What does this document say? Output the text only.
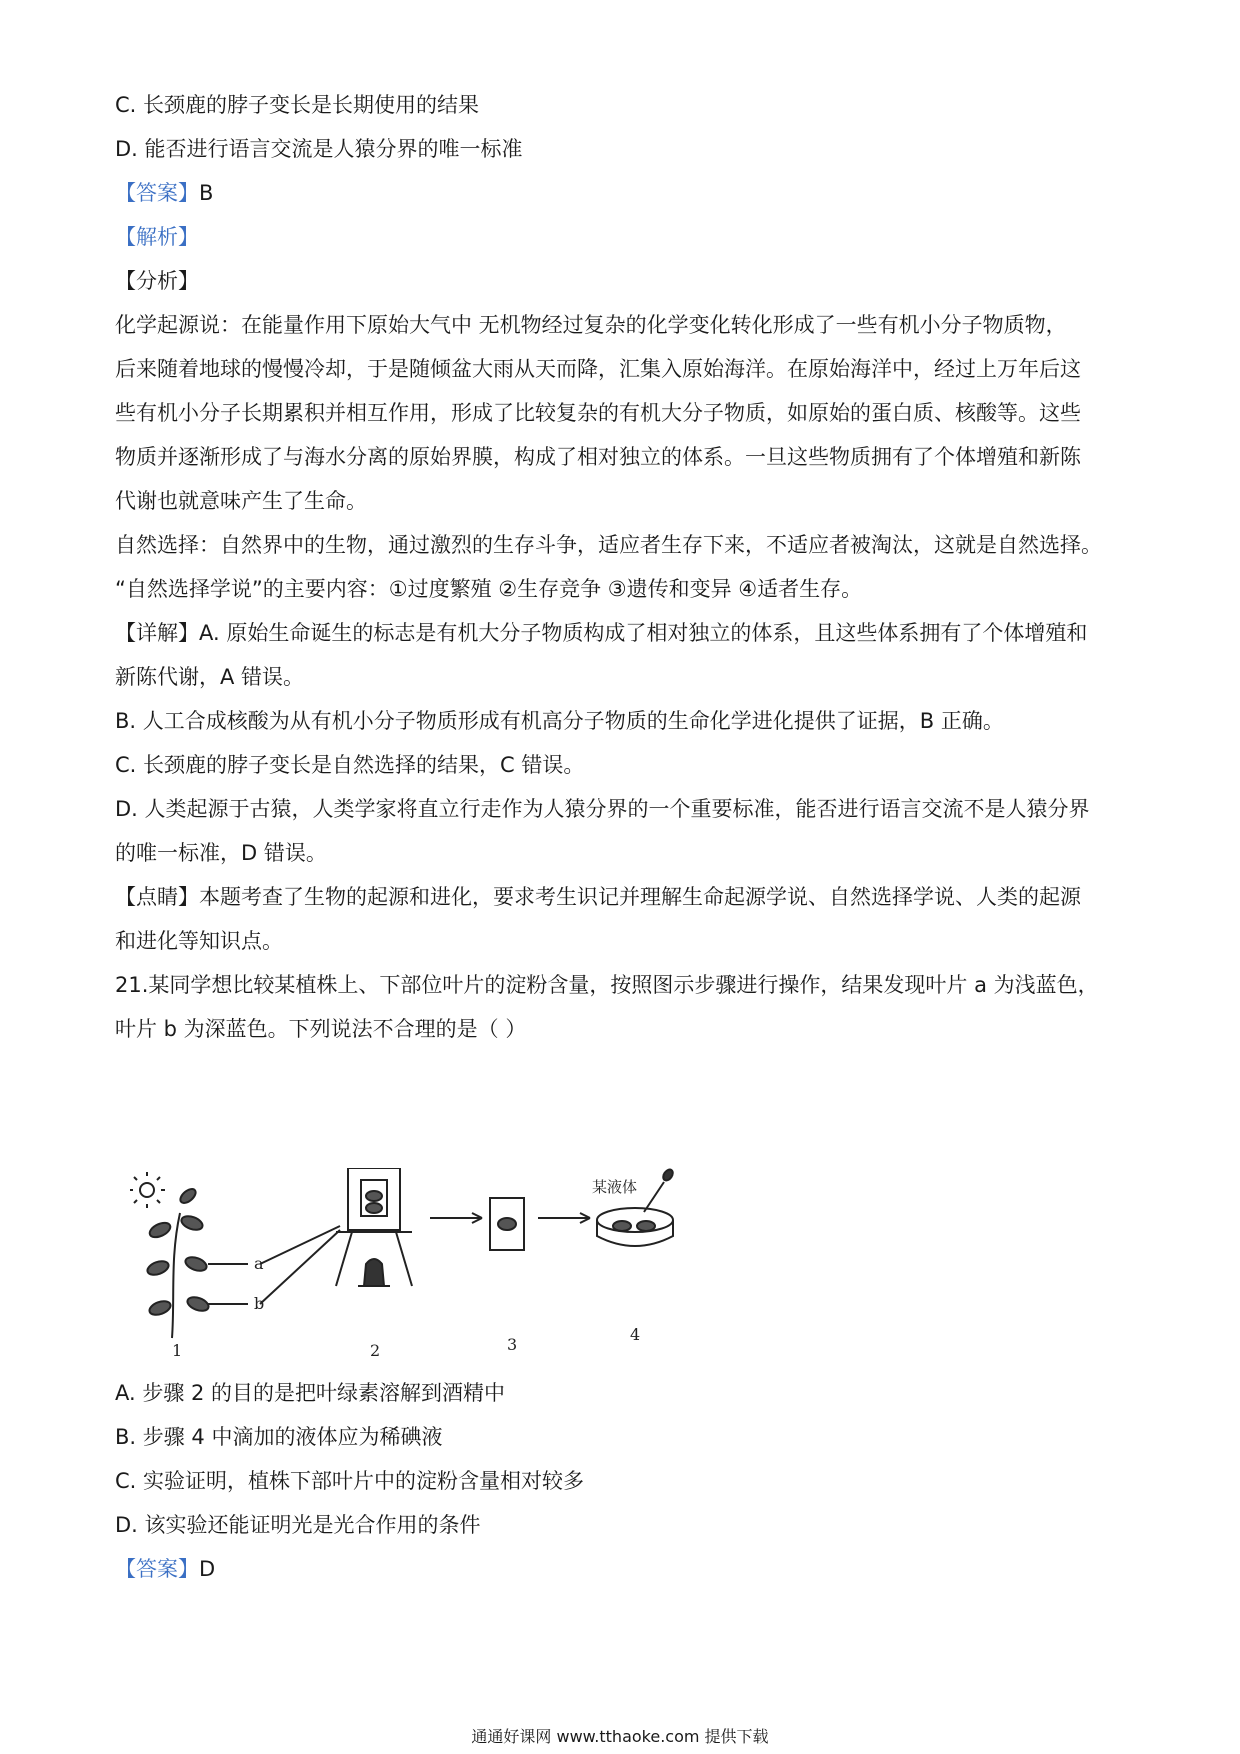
C. 长颈鹿的脖子变长是长期使用的结果
D. 能否进行语言交流是人猿分界的唯一标准
【答案】B
【解析】
【分析】
化学起源说：在能量作用下原始大气中 无机物经过复杂的化学变化转化形成了一些有机小分子物质物，
后来随着地球的慢慢冷却，于是随倾盆大雨从天而降，汇集入原始海洋。在原始海洋中，经过上万年后这
些有机小分子长期累积并相互作用，形成了比较复杂的有机大分子物质，如原始的蛋白质、核酸等。这些
物质并逐渐形成了与海水分离的原始界膜，构成了相对独立的体系。一旦这些物质拥有了个体增殖和新陈
代谢也就意味产生了生命。
自然选择：自然界中的生物，通过激烈的生存斗争，适应者生存下来，不适应者被淘汰，这就是自然选择。
“自然选择学说”的主要内容：①过度繁殖 ②生存竞争 ③遗传和变异 ④适者生存。
【详解】A. 原始生命诞生的标志是有机大分子物质构成了相对独立的体系，且这些体系拥有了个体增殖和
新陈代谢，A 错误。
B. 人工合成核酸为从有机小分子物质形成有机高分子物质的生命化学进化提供了证据，B 正确。
C. 长颈鹿的脖子变长是自然选择的结果，C 错误。
D. 人类起源于古猿，人类学家将直立行走作为人猿分界的一个重要标准，能否进行语言交流不是人猿分界
的唯一标准，D 错误。
【点睛】本题考查了生物的起源和进化，要求考生识记并理解生命起源学说、自然选择学说、人类的起源
和进化等知识点。
21.某同学想比较某植株上、下部位叶片的淀粉含量，按照图示步骤进行操作，结果发现叶片 a 为浅蓝色，
叶片 b 为深蓝色。下列说法不合理的是（ ）
a
b
1	2	3
4
某液体
A. 步骤 2 的目的是把叶绿素溶解到酒精中
B. 步骤 4 中滴加的液体应为稀碘液
C. 实验证明，植株下部叶片中的淀粉含量相对较多
D. 该实验还能证明光是光合作用的条件
【答案】D
通通好课网 www.tthaoke.com 提供下载
